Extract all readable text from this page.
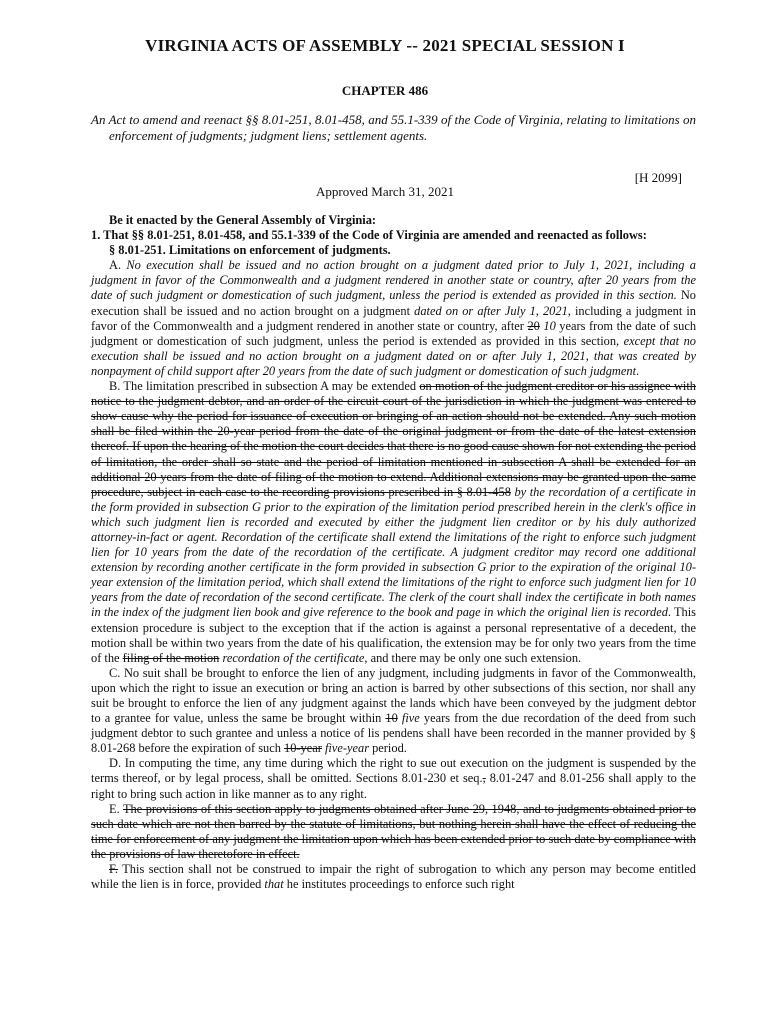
VIRGINIA ACTS OF ASSEMBLY -- 2021 SPECIAL SESSION I
CHAPTER 486
An Act to amend and reenact §§ 8.01-251, 8.01-458, and 55.1-339 of the Code of Virginia, relating to limitations on enforcement of judgments; judgment liens; settlement agents.
[H 2099]
Approved March 31, 2021

Be it enacted by the General Assembly of Virginia:

1. That §§ 8.01-251, 8.01-458, and 55.1-339 of the Code of Virginia are amended and reenacted as follows:

§ 8.01-251. Limitations on enforcement of judgments.

A. No execution shall be issued and no action brought on a judgment dated prior to July 1, 2021, including a judgment in favor of the Commonwealth and a judgment rendered in another state or country, after 20 years from the date of such judgment or domestication of such judgment, unless the period is extended as provided in this section. No execution shall be issued and no action brought on a judgment dated on or after July 1, 2021, including a judgment in favor of the Commonwealth and a judgment rendered in another state or country, after 20 10 years from the date of such judgment or domestication of such judgment, unless the period is extended as provided in this section, except that no execution shall be issued and no action brought on a judgment dated on or after July 1, 2021, that was created by nonpayment of child support after 20 years from the date of such judgment or domestication of such judgment.

B. The limitation prescribed in subsection A may be extended on motion of the judgment creditor or his assignee with notice to the judgment debtor, and an order of the circuit court of the jurisdiction in which the judgment was entered to show cause why the period for issuance of execution or bringing of an action should not be extended. Any such motion shall be filed within the 20-year period from the date of the original judgment or from the date of the latest extension thereof. If upon the hearing of the motion the court decides that there is no good cause shown for not extending the period of limitation, the order shall so state and the period of limitation mentioned in subsection A shall be extended for an additional 20 years from the date of filing of the motion to extend. Additional extensions may be granted upon the same procedure, subject in each case to the recording provisions prescribed in § 8.01-458 by the recordation of a certificate in the form provided in subsection G prior to the expiration of the limitation period prescribed herein in the clerk's office in which such judgment lien is recorded and executed by either the judgment lien creditor or by his duly authorized attorney-in-fact or agent. Recordation of the certificate shall extend the limitations of the right to enforce such judgment lien for 10 years from the date of the recordation of the certificate. A judgment creditor may record one additional extension by recording another certificate in the form provided in subsection G prior to the expiration of the original 10-year extension of the limitation period, which shall extend the limitations of the right to enforce such judgment lien for 10 years from the date of recordation of the second certificate. The clerk of the court shall index the certificate in both names in the index of the judgment lien book and give reference to the book and page in which the original lien is recorded. This extension procedure is subject to the exception that if the action is against a personal representative of a decedent, the motion shall be within two years from the date of his qualification, the extension may be for only two years from the time of the filing of the motion recordation of the certificate, and there may be only one such extension.

C. No suit shall be brought to enforce the lien of any judgment, including judgments in favor of the Commonwealth, upon which the right to issue an execution or bring an action is barred by other subsections of this section, nor shall any suit be brought to enforce the lien of any judgment against the lands which have been conveyed by the judgment debtor to a grantee for value, unless the same be brought within 10 five years from the due recordation of the deed from such judgment debtor to such grantee and unless a notice of lis pendens shall have been recorded in the manner provided by § 8.01-268 before the expiration of such 10-year five-year period.

D. In computing the time, any time during which the right to sue out execution on the judgment is suspended by the terms thereof, or by legal process, shall be omitted. Sections 8.01-230 et seq., 8.01-247 and 8.01-256 shall apply to the right to bring such action in like manner as to any right.

E. The provisions of this section apply to judgments obtained after June 29, 1948, and to judgments obtained prior to such date which are not then barred by the statute of limitations, but nothing herein shall have the effect of reducing the time for enforcement of any judgment the limitation upon which has been extended prior to such date by compliance with the provisions of law theretofore in effect.

F. This section shall not be construed to impair the right of subrogation to which any person may become entitled while the lien is in force, provided that he institutes proceedings to enforce such right
